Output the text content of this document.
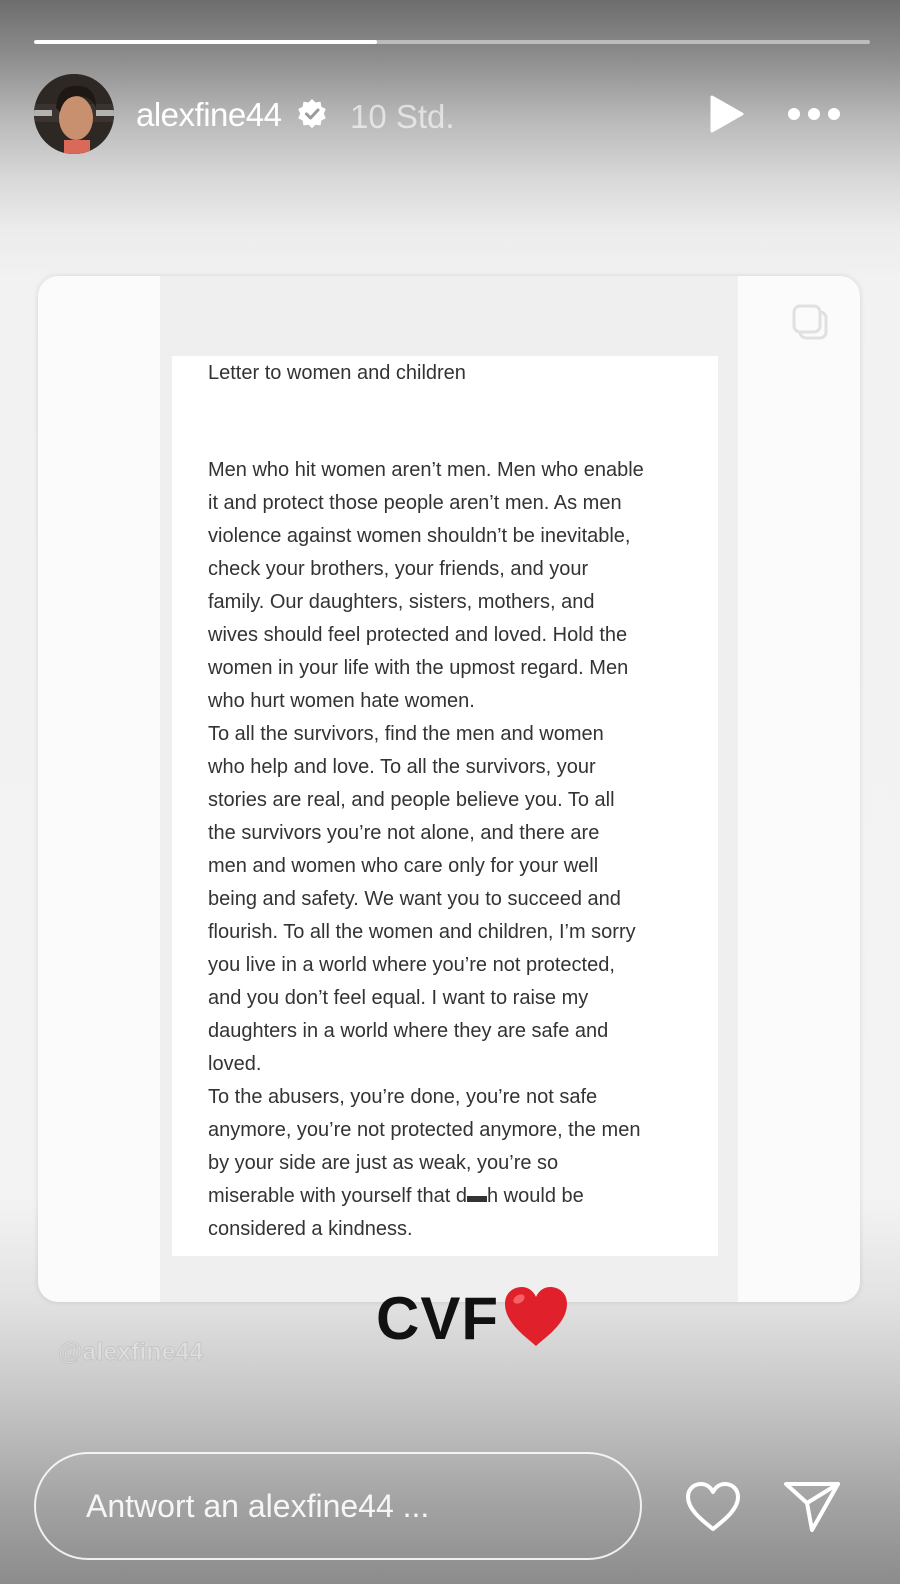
alexfine44 10 Std.
Letter to women and children
Men who hit women aren’t men. Men who enable
it and protect those people aren’t men. As men
violence against women shouldn’t be inevitable,
check your brothers, your friends, and your
family. Our daughters, sisters, mothers, and
wives should feel protected and loved. Hold the
women in your life with the upmost regard. Men
who hurt women hate women.
To all the survivors, find the men and women
who help and love. To all the survivors, your
stories are real, and people believe you. To all
the survivors you’re not alone, and there are
men and women who care only for your well
being and safety. We want you to succeed and
flourish. To all the women and children, I’m sorry
you live in a world where you’re not protected,
and you don’t feel equal. I want to raise my
daughters in a world where they are safe and
loved.
To the abusers, you’re done, you’re not safe
anymore, you’re not protected anymore, the men
by your side are just as weak, you’re so
miserable with yourself that d▬h would be
considered a kindness.
CVF
@alexfine44
Antwort an alexfine44 ...
